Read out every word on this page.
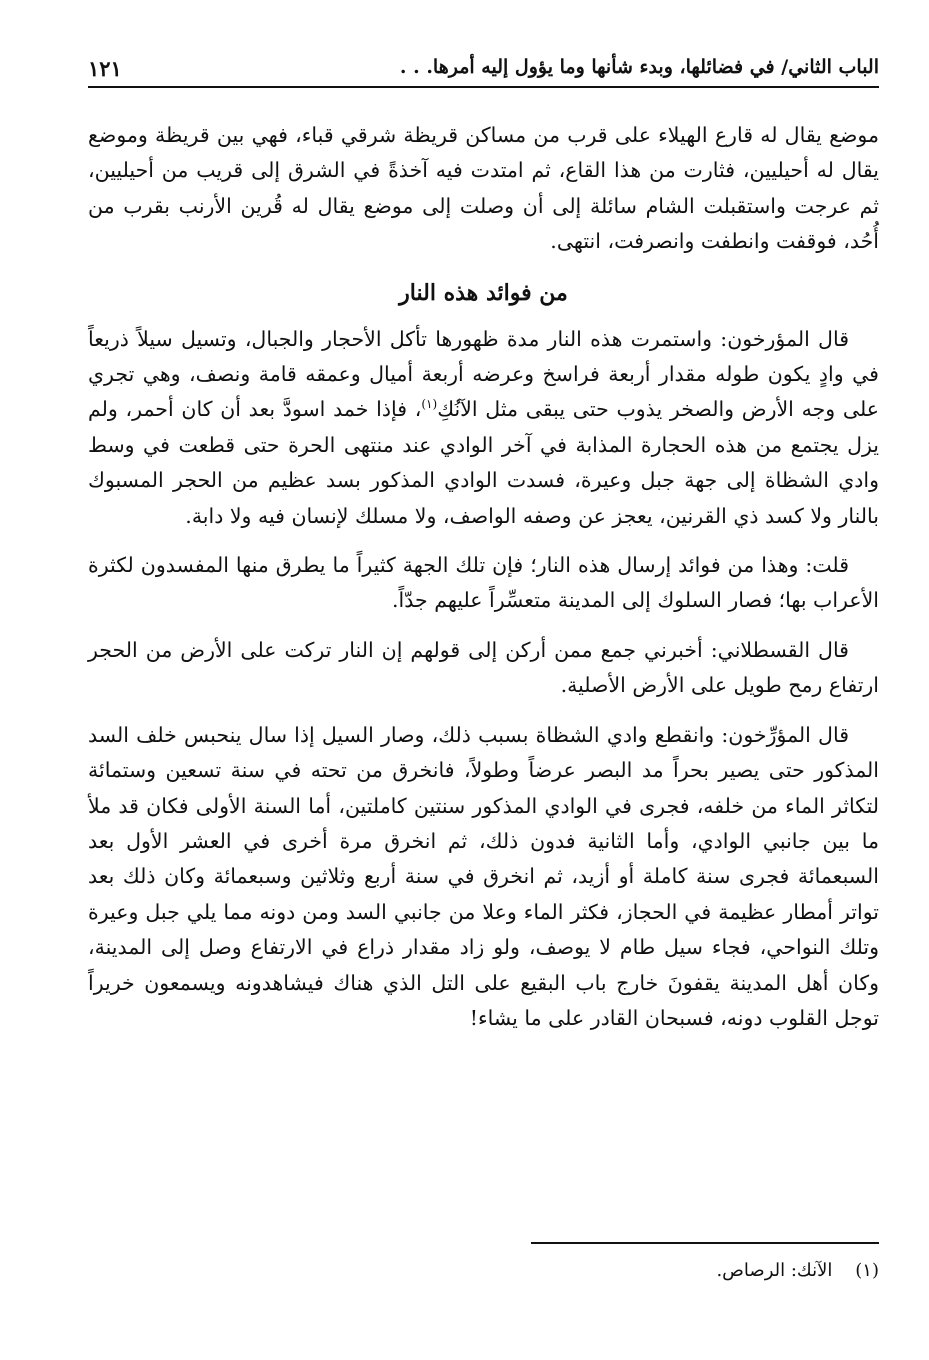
الباب الثاني/ في فضائلها، وبدء شأنها وما يؤول إليه أمرها. . .
١٢١

موضع يقال له قارع الهيلاء على قرب من مساكن قريظة شرقي قباء، فهي بين قريظة وموضع يقال له أحيليين، فثارت من هذا القاع، ثم امتدت فيه آخذةً في الشرق إلى قريب من أحيليين، ثم عرجت واستقبلت الشام سائلة إلى أن وصلت إلى موضع يقال له قُرين الأرنب بقرب من أُحُد، فوقفت وانطفت وانصرفت، انتهى.

من فوائد هذه النار

قال المؤرخون: واستمرت هذه النار مدة ظهورها تأكل الأحجار والجبال، وتسيل سيلاً ذريعاً في وادٍ يكون طوله مقدار أربعة فراسخ وعرضه أربعة أميال وعمقه قامة ونصف، وهي تجري على وجه الأرض والصخر يذوب حتى يبقى مثل الآنُكِ$^{(١)}$، فإذا خمد اسودَّ بعد أن كان أحمر، ولم يزل يجتمع من هذه الحجارة المذابة في آخر الوادي عند منتهى الحرة حتى قطعت في وسط وادي الشظاة إلى جهة جبل وعيرة، فسدت الوادي المذكور بسد عظيم من الحجر المسبوك بالنار ولا كسد ذي القرنين، يعجز عن وصفه الواصف، ولا مسلك لإنسان فيه ولا دابة.

قلت: وهذا من فوائد إرسال هذه النار؛ فإن تلك الجهة كثيراً ما يطرق منها المفسدون لكثرة الأعراب بها؛ فصار السلوك إلى المدينة متعسِّراً عليهم جدّاً.

قال القسطلاني: أخبرني جمع ممن أركن إلى قولهم إن النار تركت على الأرض من الحجر ارتفاع رمح طويل على الأرض الأصلية.

قال المؤرِّخون: وانقطع وادي الشظاة بسبب ذلك، وصار السيل إذا سال ينحبس خلف السد المذكور حتى يصير بحراً مد البصر عرضاً وطولاً، فانخرق من تحته في سنة تسعين وستمائة لتكاثر الماء من خلفه، فجرى في الوادي المذكور سنتين كاملتين، أما السنة الأولى فكان قد ملأ ما بين جانبي الوادي، وأما الثانية فدون ذلك، ثم انخرق مرة أخرى في العشر الأول بعد السبعمائة فجرى سنة كاملة أو أزيد، ثم انخرق في سنة أربع وثلاثين وسبعمائة وكان ذلك بعد تواتر أمطار عظيمة في الحجاز، فكثر الماء وعلا من جانبي السد ومن دونه مما يلي جبل وعيرة وتلك النواحي، فجاء سيل طام لا يوصف، ولو زاد مقدار ذراع في الارتفاع وصل إلى المدينة، وكان أهل المدينة يقفونَ خارج باب البقيع على التل الذي هناك فيشاهدونه ويسمعون خريراً توجل القلوب دونه، فسبحان القادر على ما يشاء!

(١)    الآنك: الرصاص.
